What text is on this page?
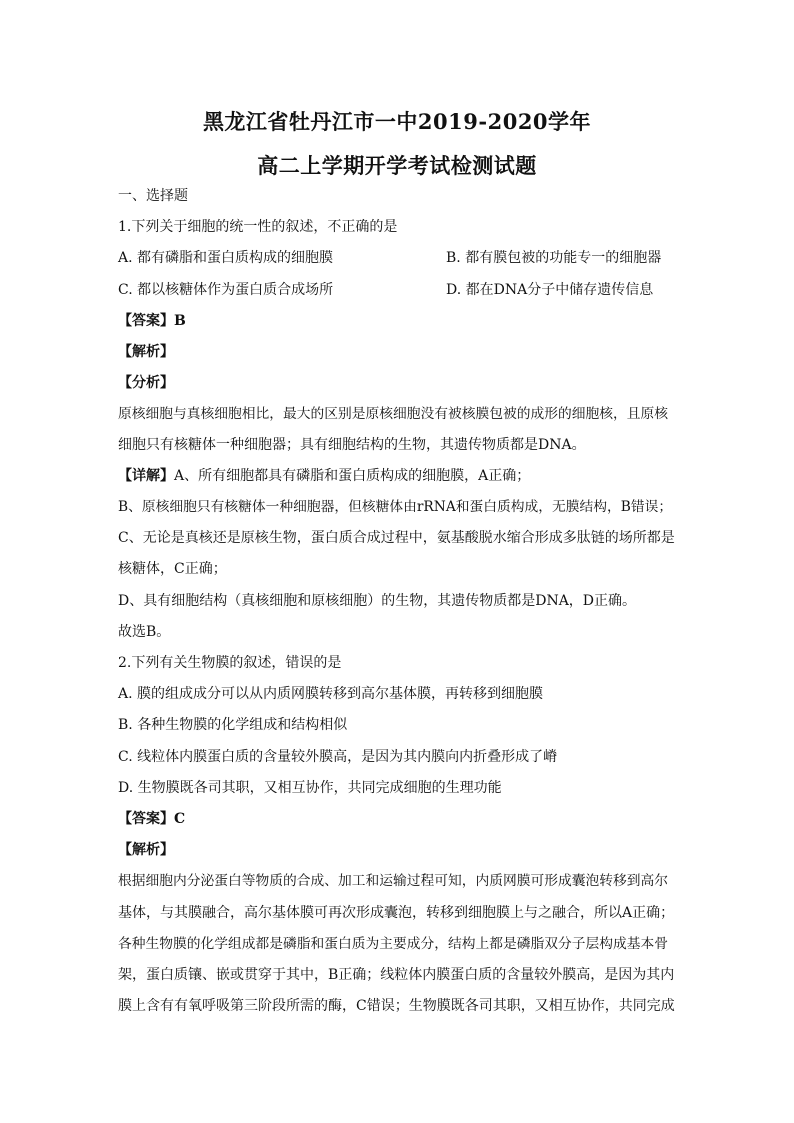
黑龙江省牡丹江市一中2019-2020学年
高二上学期开学考试检测试题
一、选择题
1.下列关于细胞的统一性的叙述，不正确的是
A. 都有磷脂和蛋白质构成的细胞膜	B. 都有膜包被的功能专一的细胞器
C. 都以核糖体作为蛋白质合成场所	D. 都在DNA分子中储存遗传信息
【答案】B
【解析】
【分析】
原核细胞与真核细胞相比，最大的区别是原核细胞没有被核膜包被的成形的细胞核，且原核
细胞只有核糖体一种细胞器；具有细胞结构的生物，其遗传物质都是DNA。
【详解】A、所有细胞都具有磷脂和蛋白质构成的细胞膜，A正确；
B、原核细胞只有核糖体一种细胞器，但核糖体由rRNA和蛋白质构成，无膜结构，B错误；
C、无论是真核还是原核生物，蛋白质合成过程中，氨基酸脱水缩合形成多肽链的场所都是
核糖体，C正确；
D、具有细胞结构（真核细胞和原核细胞）的生物，其遗传物质都是DNA，D正确。
故选B。
2.下列有关生物膜的叙述，错误的是
A. 膜的组成成分可以从内质网膜转移到高尔基体膜，再转移到细胞膜
B. 各种生物膜的化学组成和结构相似
C. 线粒体内膜蛋白质的含量较外膜高，是因为其内膜向内折叠形成了嵴
D. 生物膜既各司其职，又相互协作，共同完成细胞的生理功能
【答案】C
【解析】
根据细胞内分泌蛋白等物质的合成、加工和运输过程可知，内质网膜可形成囊泡转移到高尔
基体，与其膜融合，高尔基体膜可再次形成囊泡，转移到细胞膜上与之融合，所以A正确；
各种生物膜的化学组成都是磷脂和蛋白质为主要成分，结构上都是磷脂双分子层构成基本骨
架，蛋白质镶、嵌或贯穿于其中，B正确；线粒体内膜蛋白质的含量较外膜高，是因为其内
膜上含有有氧呼吸第三阶段所需的酶，C错误；生物膜既各司其职，又相互协作，共同完成
